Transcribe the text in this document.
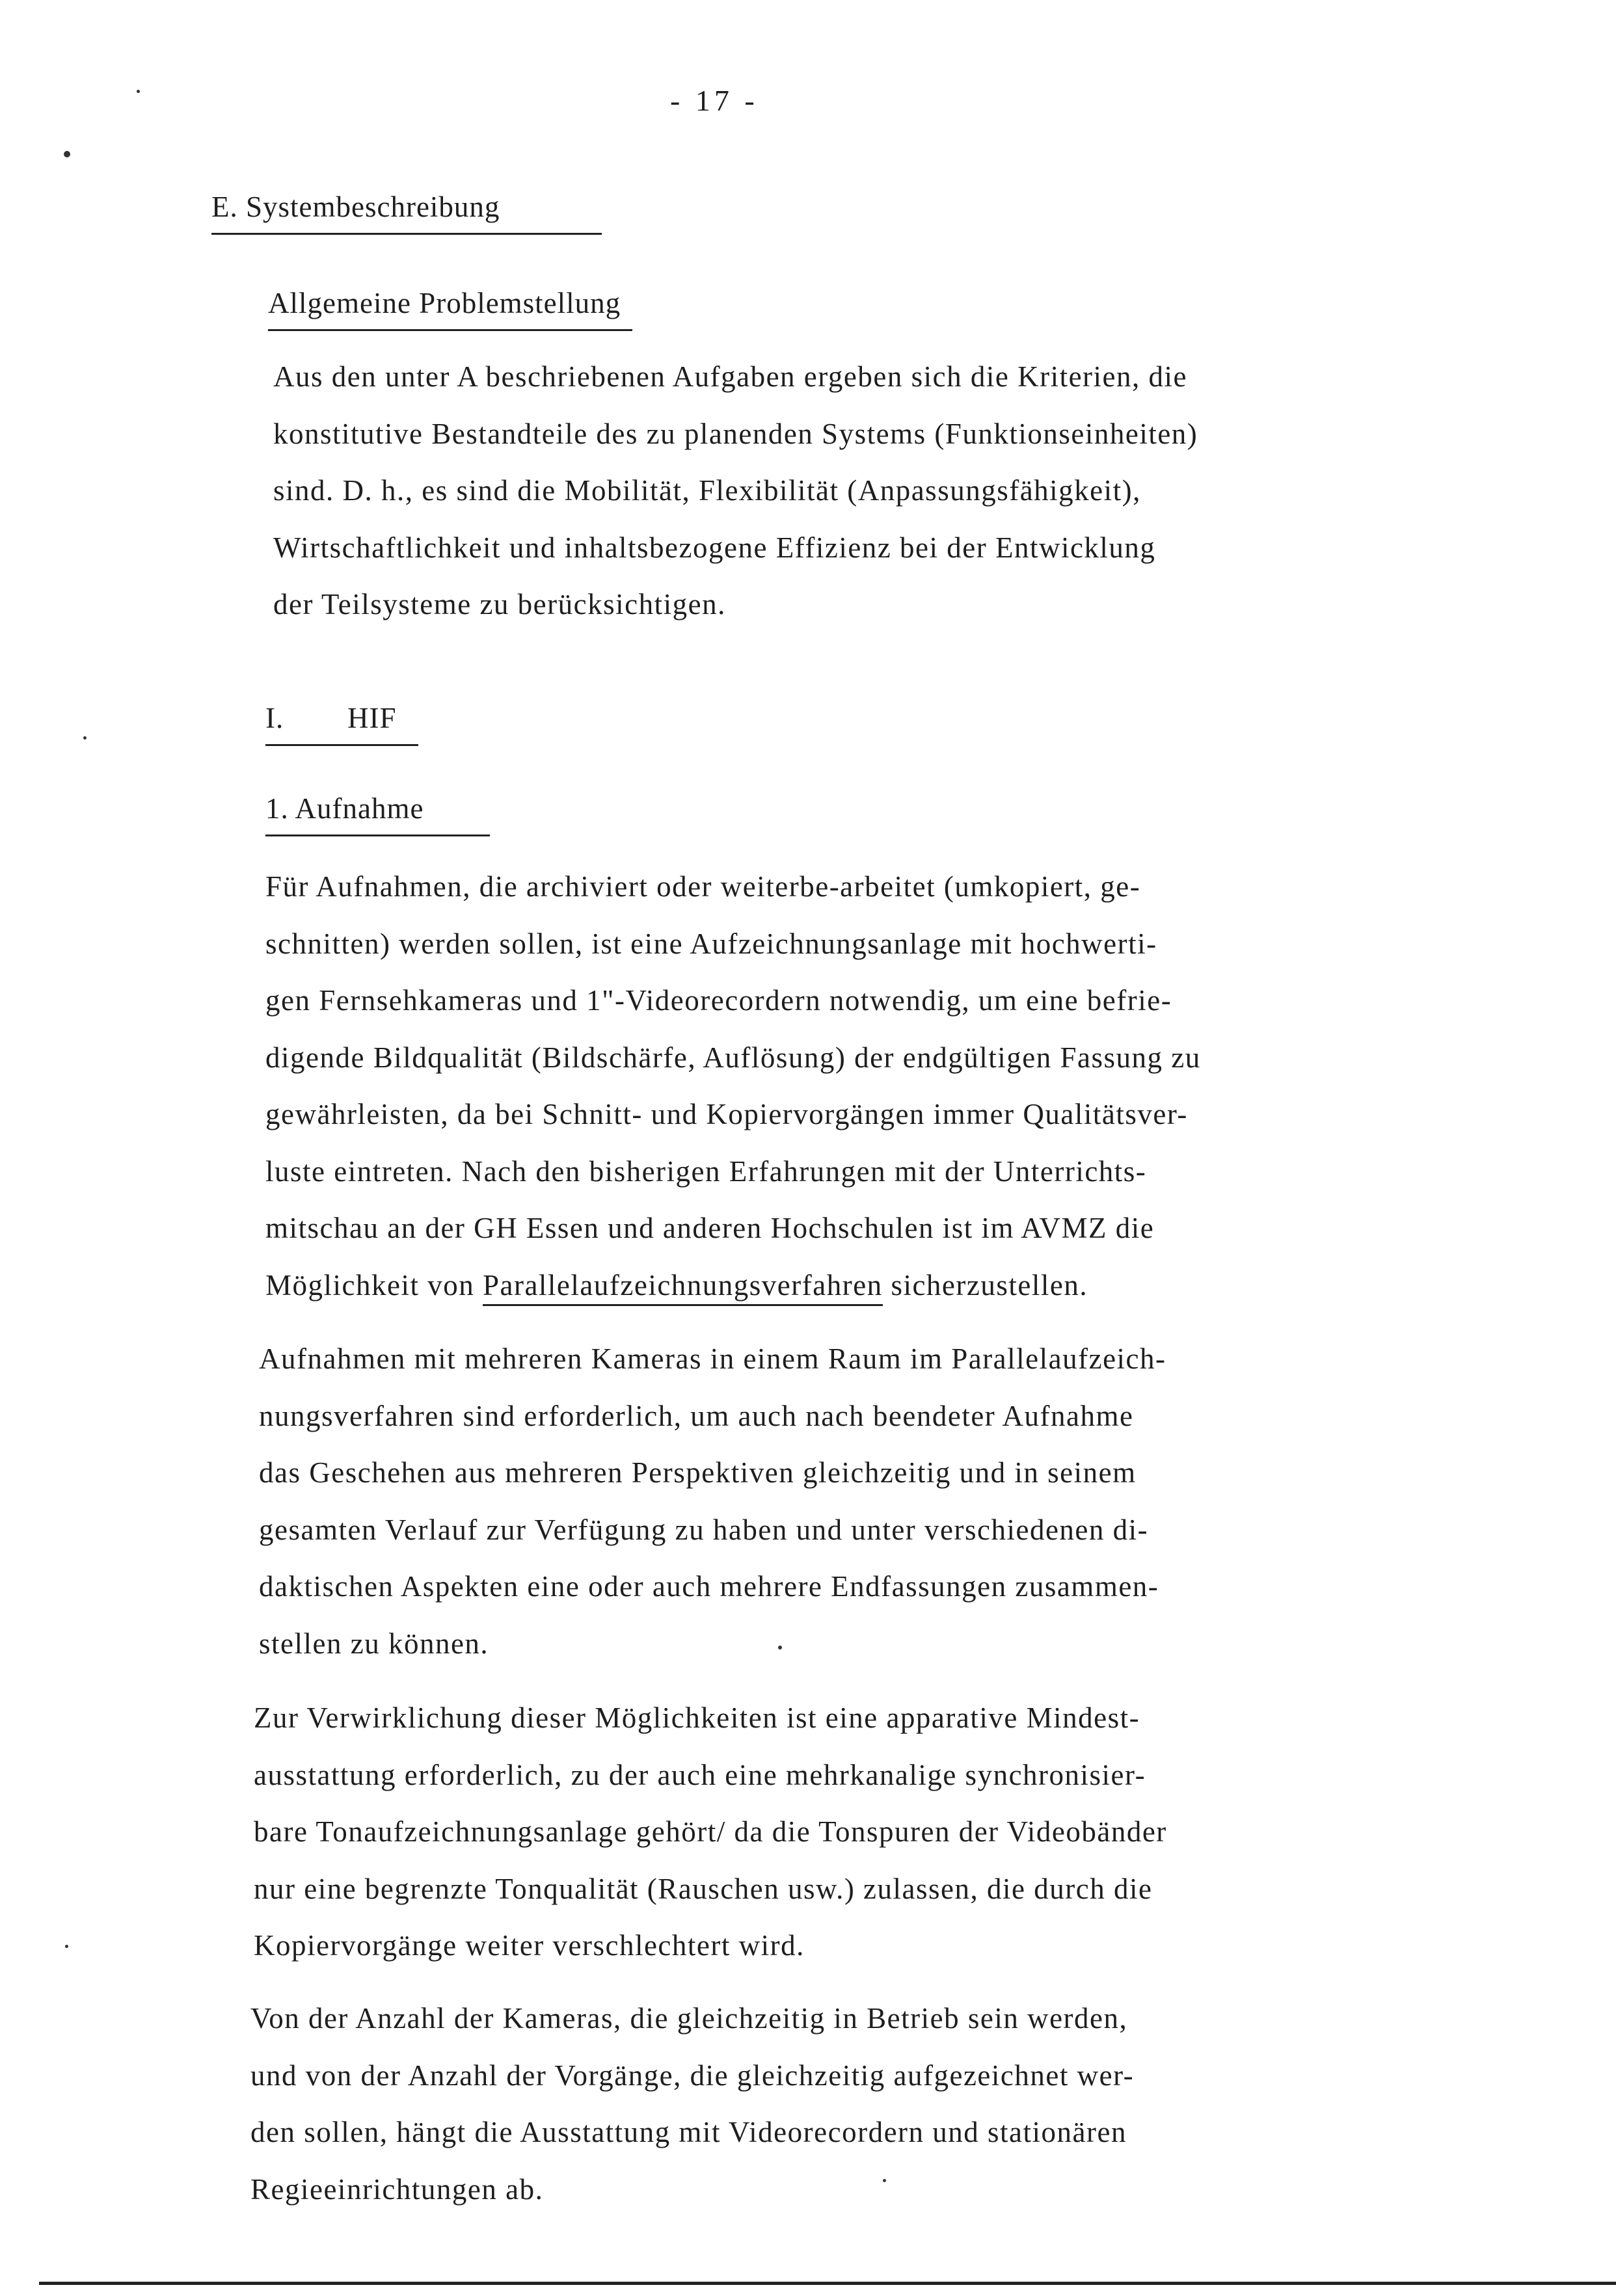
- 17 -
E. Systembeschreibung
Allgemeine Problemstellung

Aus den unter A beschriebenen Aufgaben ergeben sich die Kriterien, die
konstitutive Bestandteile des zu planenden Systems (Funktionseinheiten)
sind. D. h., es sind die Mobilität, Flexibilität (Anpassungsfähigkeit),
Wirtschaftlichkeit und inhaltsbezogene Effizienz bei der Entwicklung
der Teilsysteme zu berücksichtigen.

I. HIF
1. Aufnahme

Für Aufnahmen, die archiviert oder weiterbe-arbeitet (umkopiert, ge-
schnitten) werden sollen, ist eine Aufzeichnungsanlage mit hochwerti-
gen Fernsehkameras und 1"-Videorecordern notwendig, um eine befrie-
digende Bildqualität (Bildschärfe, Auflösung) der endgültigen Fassung zu
gewährleisten, da bei Schnitt- und Kopiervorgängen immer Qualitätsver-
luste eintreten. Nach den bisherigen Erfahrungen mit der Unterrichts-
mitschau an der GH Essen und anderen Hochschulen ist im AVMZ die
Möglichkeit von Parallelaufzeichnungsverfahren sicherzustellen.

Aufnahmen mit mehreren Kameras in einem Raum im Parallelaufzeich-
nungsverfahren sind erforderlich, um auch nach beendeter Aufnahme
das Geschehen aus mehreren Perspektiven gleichzeitig und in seinem
gesamten Verlauf zur Verfügung zu haben und unter verschiedenen di-
daktischen Aspekten eine oder auch mehrere Endfassungen zusammen-
stellen zu können.

Zur Verwirklichung dieser Möglichkeiten ist eine apparative Mindest-
ausstattung erforderlich, zu der auch eine mehrkanalige synchronisier-
bare Tonaufzeichnungsanlage gehört/ da die Tonspuren der Videobänder
nur eine begrenzte Tonqualität (Rauschen usw.) zulassen, die durch die
Kopiervorgänge weiter verschlechtert wird.

Von der Anzahl der Kameras, die gleichzeitig in Betrieb sein werden,
und von der Anzahl der Vorgänge, die gleichzeitig aufgezeichnet wer-
den sollen, hängt die Ausstattung mit Videorecordern und stationären
Regieeinrichtungen ab.
